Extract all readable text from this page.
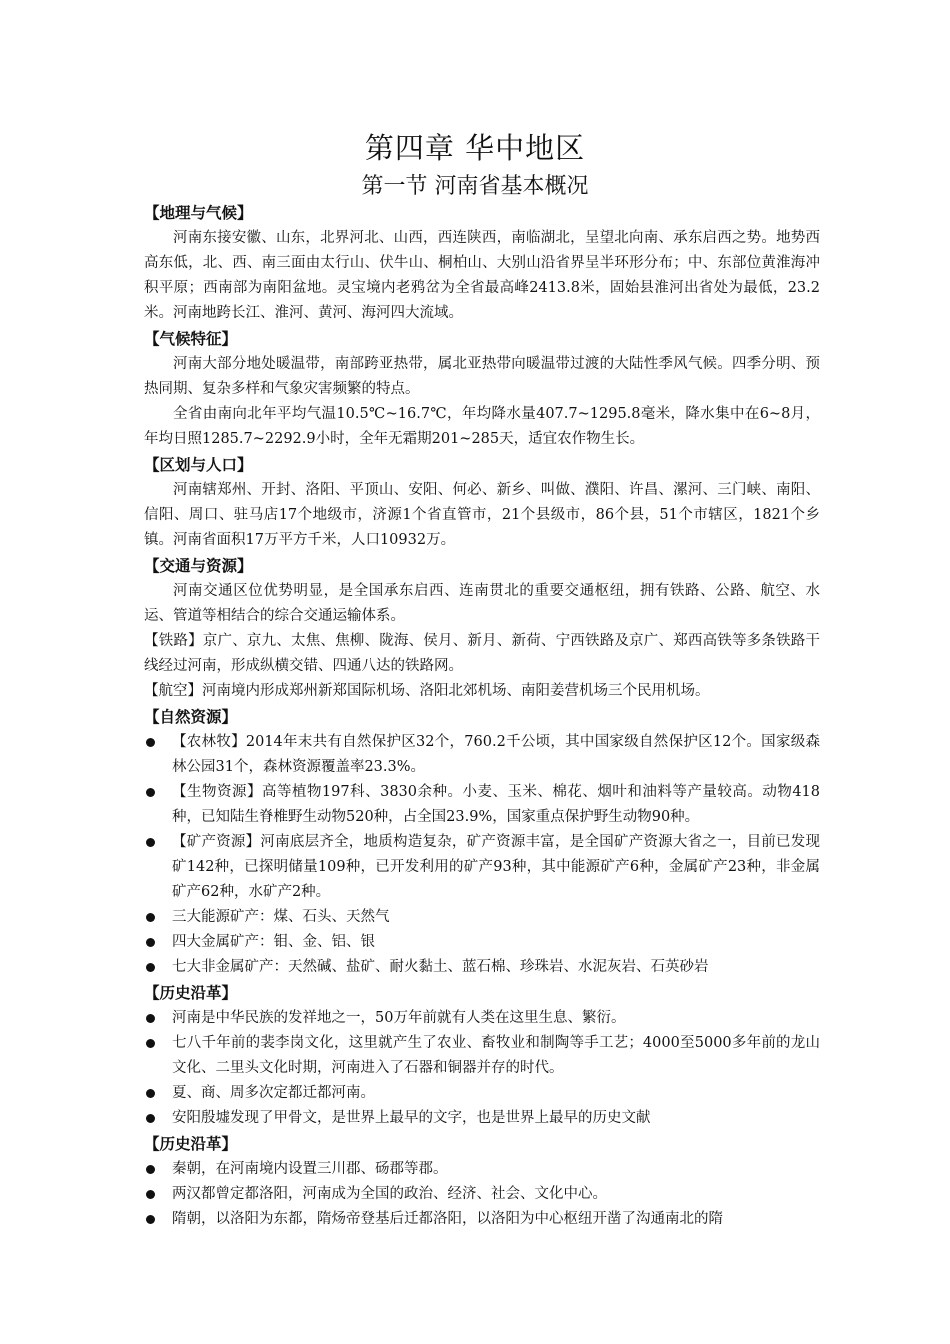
第四章 华中地区
第一节 河南省基本概况
【地理与气候】

河南东接安徽、山东，北界河北、山西，西连陕西，南临湖北，呈望北向南、承东启西之势。地势西高东低，北、西、南三面由太行山、伏牛山、桐柏山、大别山沿省界呈半环形分布；中、东部位黄淮海冲积平原；西南部为南阳盆地。灵宝境内老鸦岔为全省最高峰2413.8米，固始县淮河出省处为最低，23.2米。河南地跨长江、淮河、黄河、海河四大流域。

【气候特征】

河南大部分地处暖温带，南部跨亚热带，属北亚热带向暖温带过渡的大陆性季风气候。四季分明、预热同期、复杂多样和气象灾害频繁的特点。

全省由南向北年平均气温10.5℃~16.7℃，年均降水量407.7~1295.8毫米，降水集中在6~8月，年均日照1285.7~2292.9小时，全年无霜期201~285天，适宜农作物生长。

【区划与人口】

河南辖郑州、开封、洛阳、平顶山、安阳、何必、新乡、叫做、濮阳、许昌、漯河、三门峡、南阳、信阳、周口、驻马店17个地级市，济源1个省直管市，21个县级市，86个县，51个市辖区，1821个乡镇。河南省面积17万平方千米，人口10932万。

【交通与资源】

河南交通区位优势明显，是全国承东启西、连南贯北的重要交通枢纽，拥有铁路、公路、航空、水运、管道等相结合的综合交通运输体系。

【铁路】京广、京九、太焦、焦柳、陇海、侯月、新月、新荷、宁西铁路及京广、郑西高铁等多条铁路干线经过河南，形成纵横交错、四通八达的铁路网。

【航空】河南境内形成郑州新郑国际机场、洛阳北郊机场、南阳姜营机场三个民用机场。

【自然资源】
【农林牧】2014年末共有自然保护区32个，760.2千公顷，其中国家级自然保护区12个。国家级森林公园31个，森林资源覆盖率23.3%。
【生物资源】高等植物197科、3830余种。小麦、玉米、棉花、烟叶和油料等产量较高。动物418种，已知陆生脊椎野生动物520种，占全国23.9%，国家重点保护野生动物90种。
【矿产资源】河南底层齐全，地质构造复杂，矿产资源丰富，是全国矿产资源大省之一，目前已发现矿142种，已探明储量109种，已开发利用的矿产93种，其中能源矿产6种，金属矿产23种，非金属矿产62种，水矿产2种。
三大能源矿产：煤、石头、天然气
四大金属矿产：钼、金、铝、银
七大非金属矿产：天然碱、盐矿、耐火黏土、蓝石棉、珍珠岩、水泥灰岩、石英砂岩
【历史沿革】
河南是中华民族的发祥地之一，50万年前就有人类在这里生息、繁衍。
七八千年前的裴李岗文化，这里就产生了农业、畜牧业和制陶等手工艺；4000至5000多年前的龙山文化、二里头文化时期，河南进入了石器和铜器并存的时代。
夏、商、周多次定都迁都河南。
安阳殷墟发现了甲骨文，是世界上最早的文字，也是世界上最早的历史文献
【历史沿革】
秦朝，在河南境内设置三川郡、砀郡等郡。
两汉都曾定都洛阳，河南成为全国的政治、经济、社会、文化中心。
隋朝，以洛阳为东都，隋炀帝登基后迁都洛阳，以洛阳为中心枢纽开凿了沟通南北的隋
